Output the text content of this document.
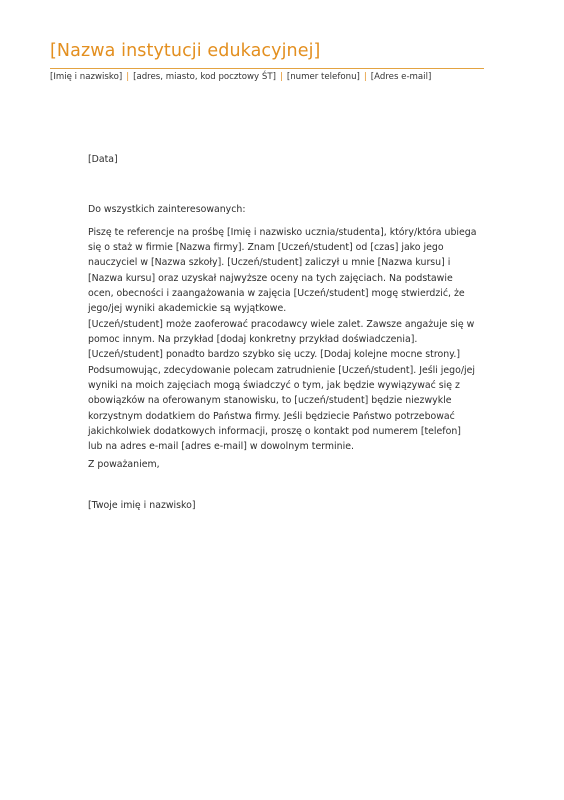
[Nazwa instytucji edukacyjnej]
[Imię i nazwisko] | [adres, miasto, kod pocztowy ŚT] | [numer telefonu] | [Adres e-mail]
[Data]
Do wszystkich zainteresowanych:

Piszę te referencje na prośbę [Imię i nazwisko ucznia/studenta], który/która ubiega się o staż w firmie [Nazwa firmy]. Znam [Uczeń/student] od [czas] jako jego nauczyciel w [Nazwa szkoły]. [Uczeń/student] zaliczył u mnie [Nazwa kursu] i [Nazwa kursu] oraz uzyskał najwyższe oceny na tych zajęciach. Na podstawie ocen, obecności i zaangażowania w zajęcia [Uczeń/student] mogę stwierdzić, że jego/jej wyniki akademickie są wyjątkowe.

[Uczeń/student] może zaoferować pracodawcy wiele zalet. Zawsze angażuje się w pomoc innym. Na przykład [dodaj konkretny przykład doświadczenia]. [Uczeń/student] ponadto bardzo szybko się uczy. [Dodaj kolejne mocne strony.]

Podsumowując, zdecydowanie polecam zatrudnienie [Uczeń/student]. Jeśli jego/jej wyniki na moich zajęciach mogą świadczyć o tym, jak będzie wywiązywać się z obowiązków na oferowanym stanowisku, to [uczeń/student] będzie niezwykle korzystnym dodatkiem do Państwa firmy. Jeśli będziecie Państwo potrzebować jakichkolwiek dodatkowych informacji, proszę o kontakt pod numerem [telefon] lub na adres e-mail [adres e-mail] w dowolnym terminie.

Z poważaniem,
[Twoje imię i nazwisko]
